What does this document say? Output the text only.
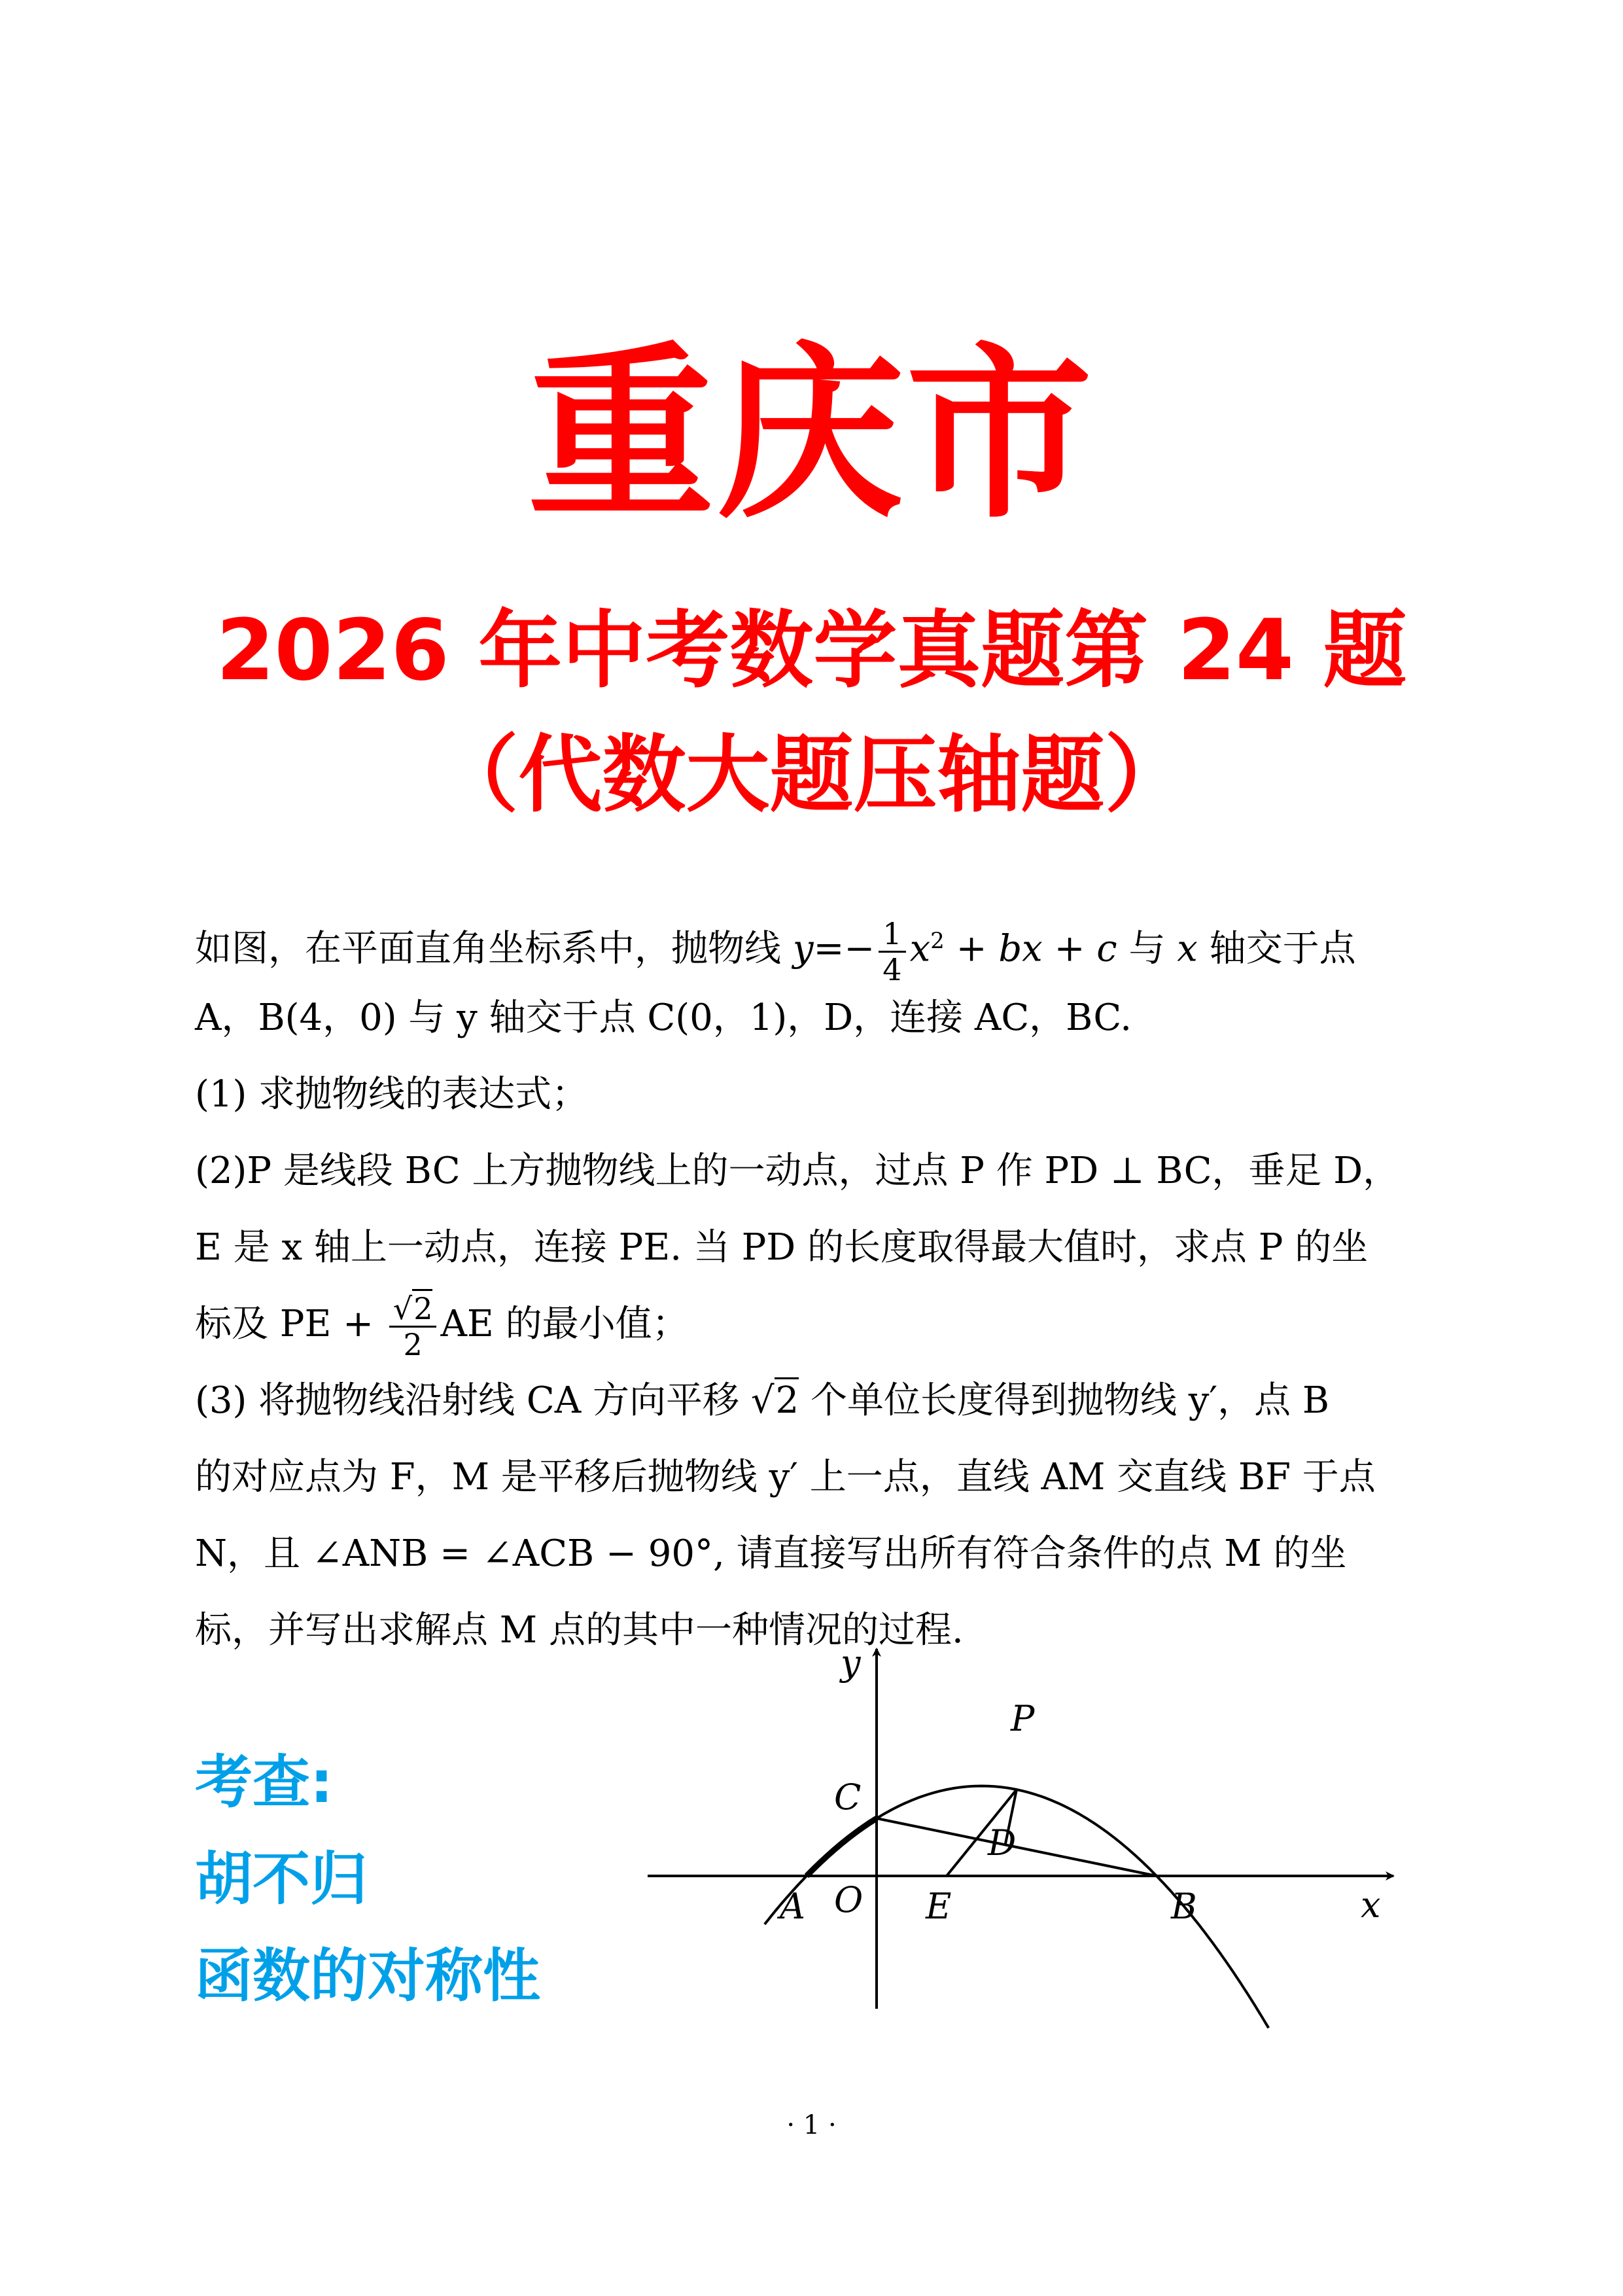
重庆市
2026 年中考数学真题第 24 题
（代数大题压轴题）
如图，在平面直角坐标系中，抛物线 $y=- \frac{1}{4} x^2$ + bx + c 与 x 轴交于点
A，B(4，0) 与 y 轴交于点 C(0，1)，D，连接 AC，BC.
(1) 求抛物线的表达式；
(2)P 是线段 BC 上方抛物线上的一动点，过点 P 作 PD ⊥ BC，垂足 D，
E 是 x 轴上一动点，连接 PE. 当 PD 的长度取得最大值时，求点 P 的坐
标及 PE + $\frac{√2}{2}$ AE 的最小值；
(3) 将抛物线沿射线 CA 方向平移 √2 个单位长度得到抛物线 y′，点 B
的对应点为 F，M 是平移后抛物线 y′ 上一点，直线 AM 交直线 BF 于点
N，且 ∠ANB = ∠ACB − 90°, 请直接写出所有符合条件的点 M 的坐
标，并写出求解点 M 点的其中一种情况的过程.
考查:
胡不归
函数的对称性
y
x
P
C
D
A O E	B
· 1 ·
